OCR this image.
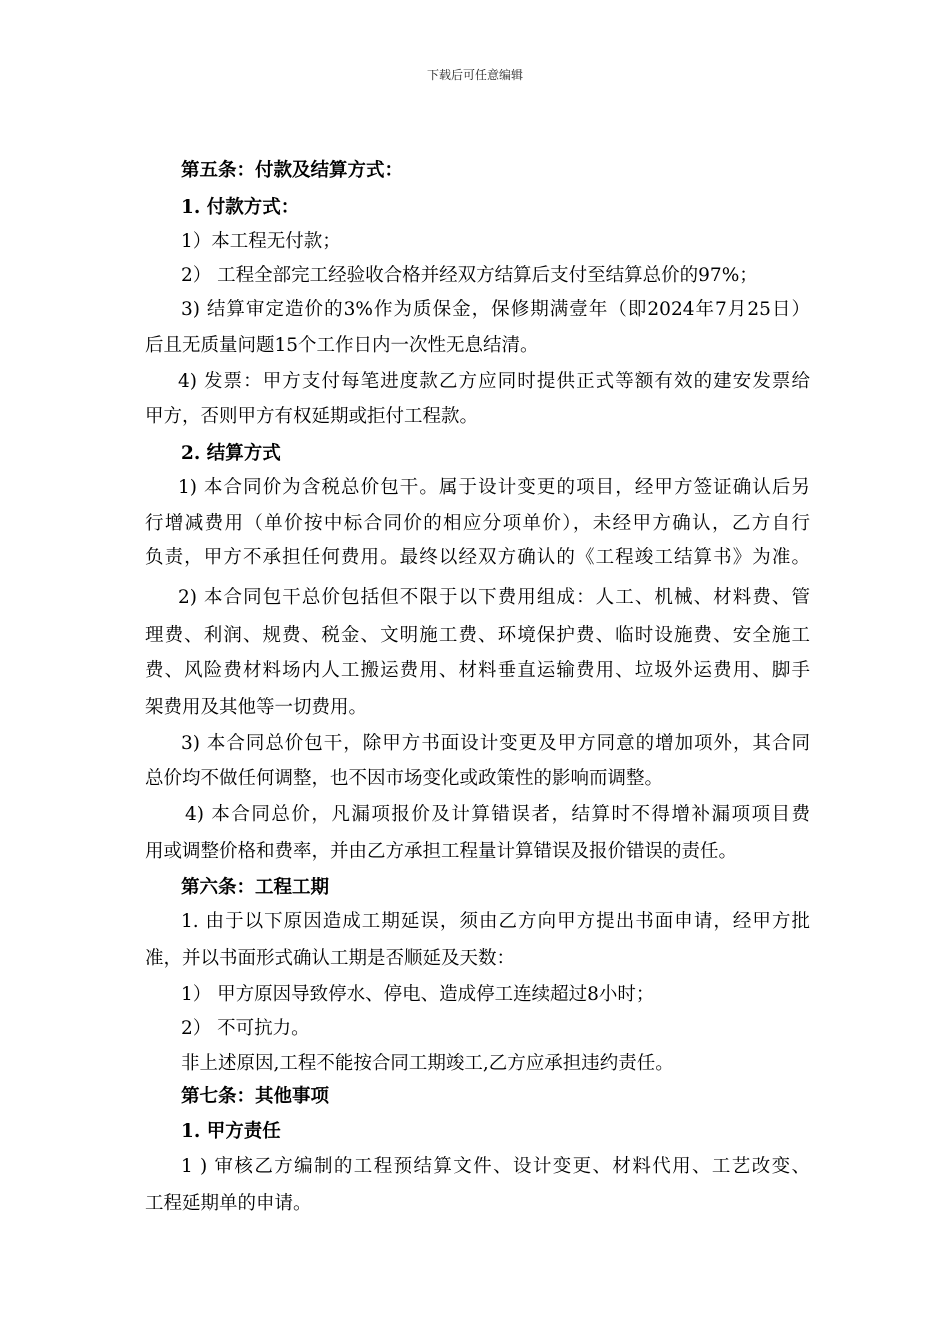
下载后可任意编辑
第五条：付款及结算方式：
1. 付款方式：
1）本工程无付款；
2） 工程全部完工经验收合格并经双方结算后支付至结算总价的97%；
3) 结算审定造价的3%作为质保金，保修期满壹年（即2024年7月25日）
后且无质量问题15个工作日内一次性无息结清。
4) 发票：甲方支付每笔进度款乙方应同时提供正式等额有效的建安发票给
甲方，否则甲方有权延期或拒付工程款。
2. 结算方式
1) 本合同价为含税总价包干。属于设计变更的项目，经甲方签证确认后另
行增减费用（单价按中标合同价的相应分项单价），未经甲方确认，乙方自行
负责，甲方不承担任何费用。最终以经双方确认的《工程竣工结算书》为准。
2) 本合同包干总价包括但不限于以下费用组成：人工、机械、材料费、管
理费、利润、规费、税金、文明施工费、环境保护费、临时设施费、安全施工
费、风险费材料场内人工搬运费用、材料垂直运输费用、垃圾外运费用、脚手
架费用及其他等一切费用。
3) 本合同总价包干，除甲方书面设计变更及甲方同意的增加项外，其合同
总价均不做任何调整，也不因市场变化或政策性的影响而调整。
4) 本合同总价，凡漏项报价及计算错误者，结算时不得增补漏项项目费
用或调整价格和费率，并由乙方承担工程量计算错误及报价错误的责任。
第六条：工程工期
1. 由于以下原因造成工期延误，须由乙方向甲方提出书面申请，经甲方批
准，并以书面形式确认工期是否顺延及天数：
1） 甲方原因导致停水、停电、造成停工连续超过8小时；
2） 不可抗力。
非上述原因,工程不能按合同工期竣工,乙方应承担违约责任。
第七条：其他事项
1. 甲方责任
1 ) 审核乙方编制的工程预结算文件、设计变更、材料代用、工艺改变、
工程延期单的申请。
